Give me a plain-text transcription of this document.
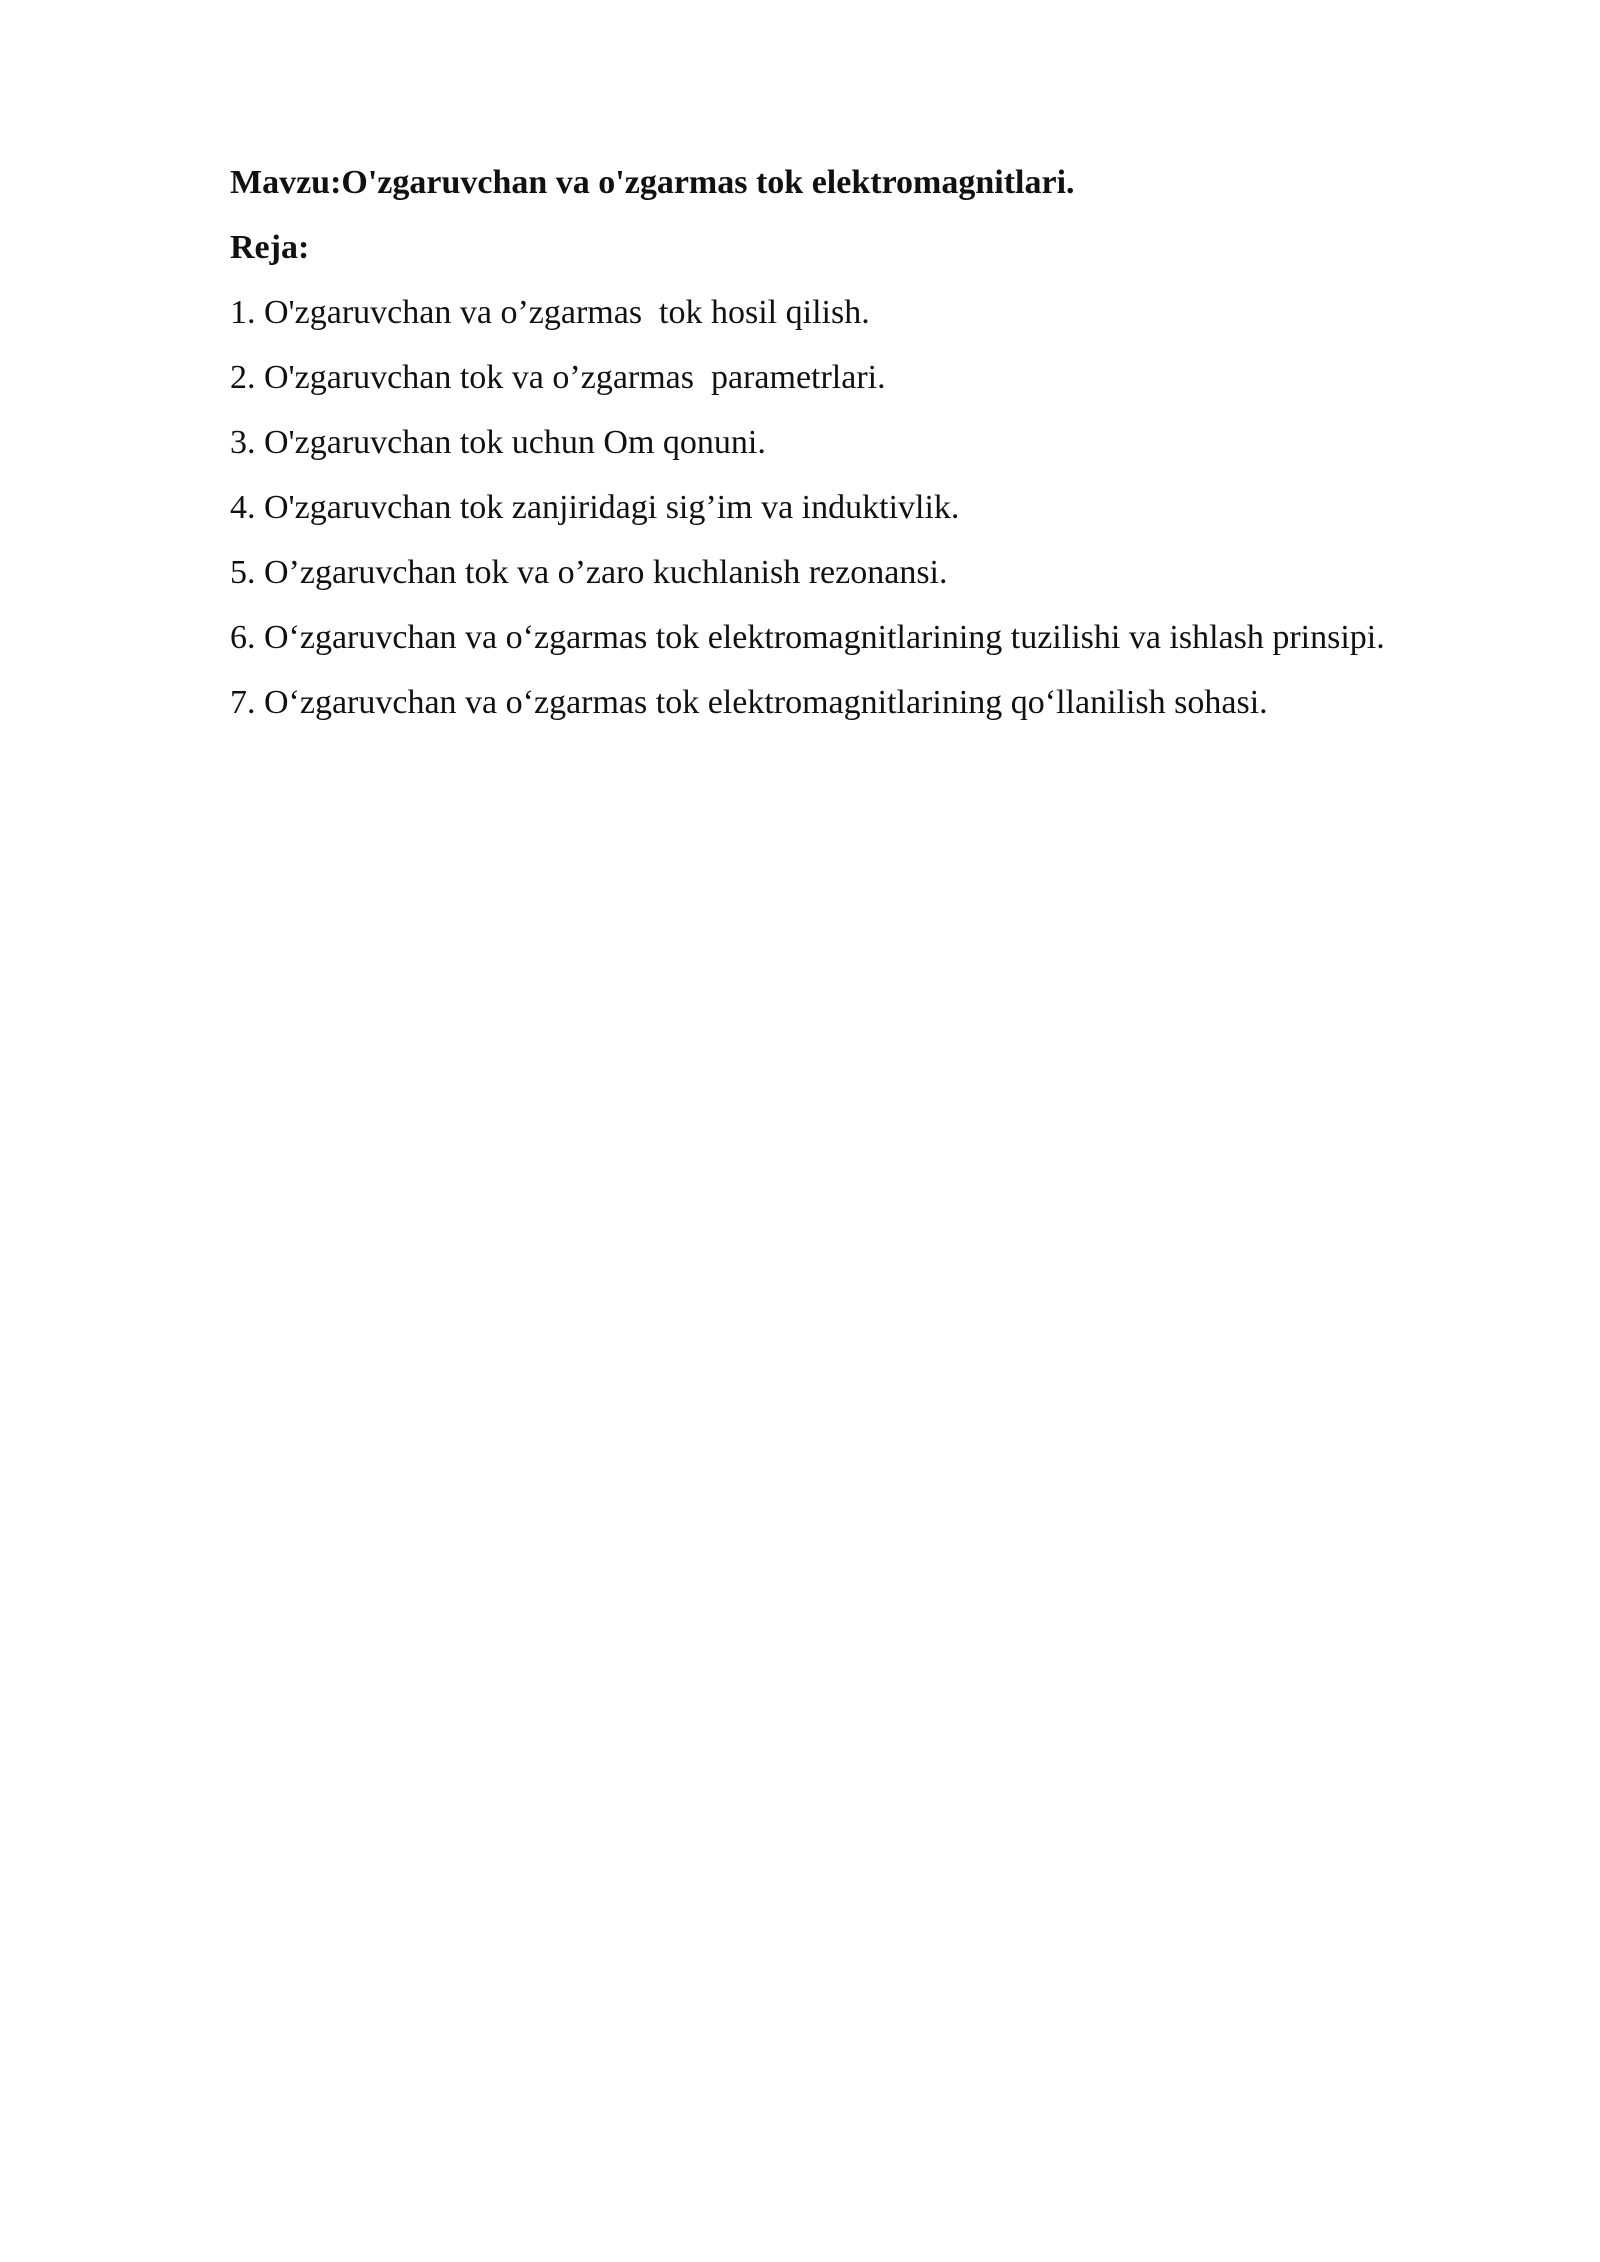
Mavzu:O'zgaruvchan va o'zgarmas tok elektromagnitlari.

Reja:

1. O'zgaruvchan va o’zgarmas  tok hosil qilish.
2. O'zgaruvchan tok va o’zgarmas  parametrlari.
3. O'zgaruvchan tok uchun Om qonuni.
4. O'zgaruvchan tok zanjiridagi sig’im va induktivlik.
5. O’zgaruvchan tok va o’zaro kuchlanish rezonansi.
6. O‘zgaruvchan va o‘zgarmas tok elektromagnitlarining tuzilishi va ishlash prinsipi.
7. O‘zgaruvchan va o‘zgarmas tok elektromagnitlarining qo‘llanilish sohasi.
